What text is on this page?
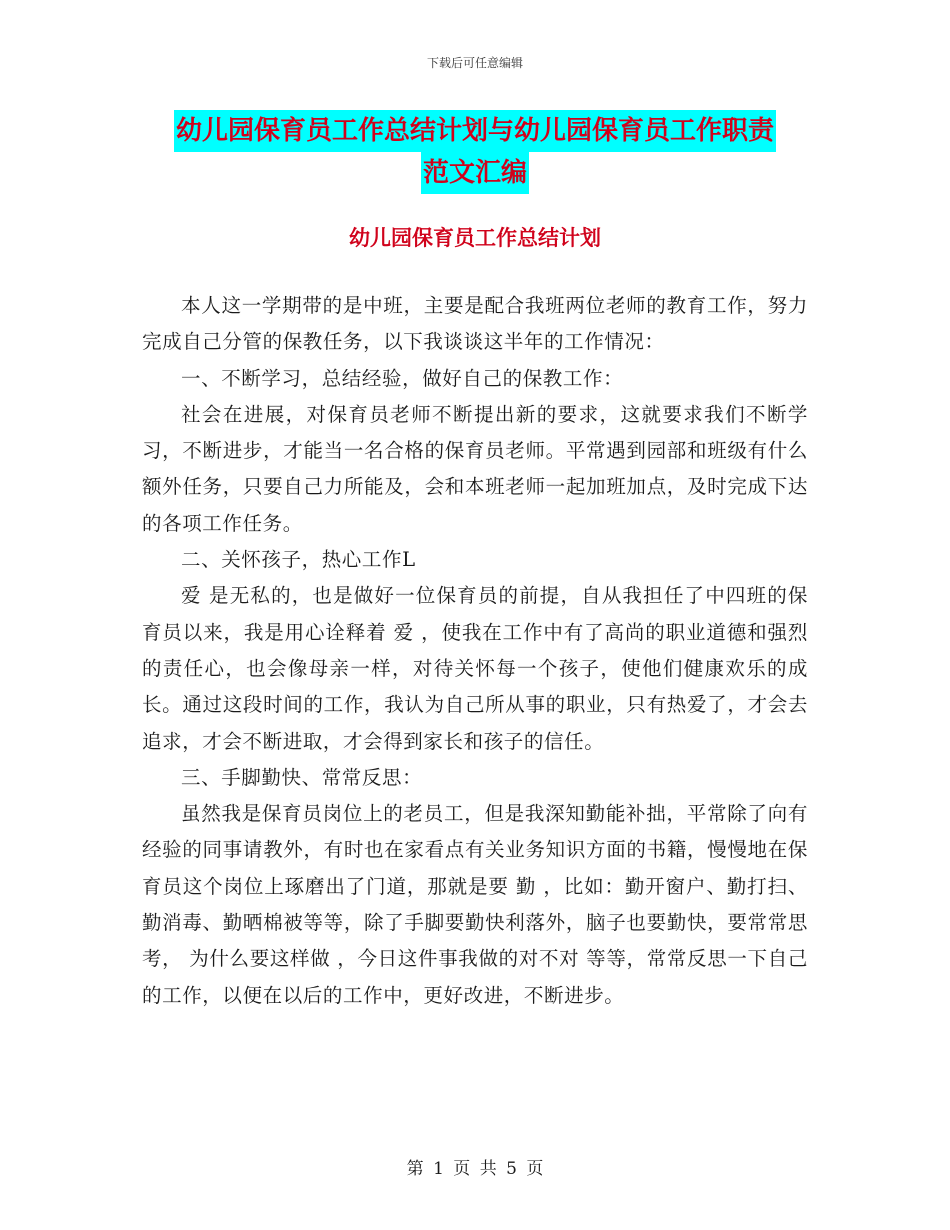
下载后可任意编辑
幼儿园保育员工作总结计划与幼儿园保育员工作职责
范文汇编
幼儿园保育员工作总结计划

本人这一学期带的是中班，主要是配合我班两位老师的教育工作，努力完成自己分管的保教任务，以下我谈谈这半年的工作情况：

一、不断学习，总结经验，做好自己的保教工作：

社会在进展，对保育员老师不断提出新的要求，这就要求我们不断学习，不断进步，才能当一名合格的保育员老师。平常遇到园部和班级有什么额外任务，只要自己力所能及，会和本班老师一起加班加点，及时完成下达的各项工作任务。

二、关怀孩子，热心工作L

爱 是无私的，也是做好一位保育员的前提，自从我担任了中四班的保育员以来，我是用心诠释着 爱 ，使我在工作中有了高尚的职业道德和强烈的责任心，也会像母亲一样，对待关怀每一个孩子，使他们健康欢乐的成长。通过这段时间的工作，我认为自己所从事的职业，只有热爱了，才会去追求，才会不断进取，才会得到家长和孩子的信任。

三、手脚勤快、常常反思：

虽然我是保育员岗位上的老员工，但是我深知勤能补拙，平常除了向有经验的同事请教外，有时也在家看点有关业务知识方面的书籍，慢慢地在保育员这个岗位上琢磨出了门道，那就是要 勤 ，比如：勤开窗户、勤打扫、勤消毒、勤晒棉被等等，除了手脚要勤快利落外，脑子也要勤快，要常常思考， 为什么要这样做 ，今日这件事我做的对不对 等等，常常反思一下自己的工作，以便在以后的工作中，更好改进，不断进步。

第 1 页 共 5 页
